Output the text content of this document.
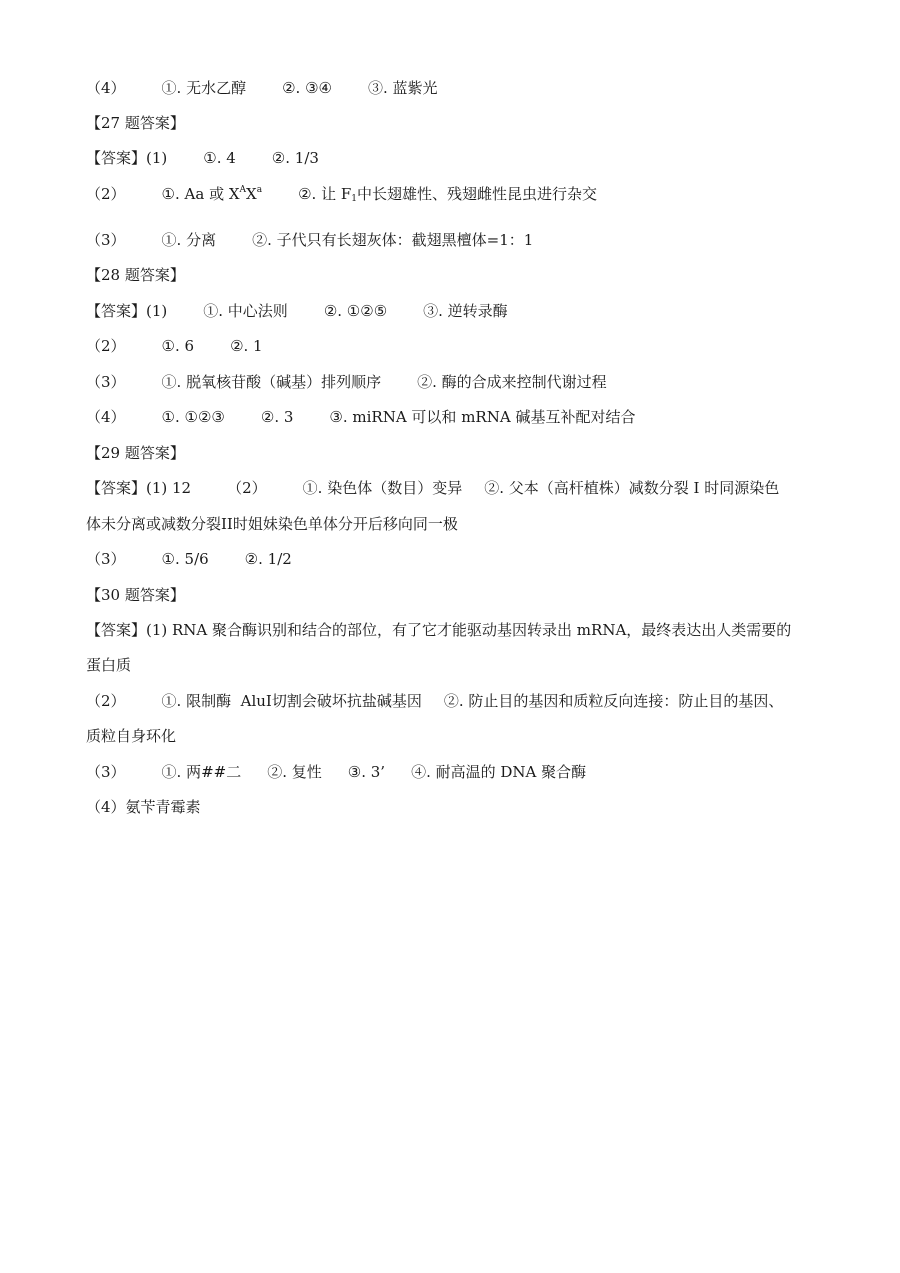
（4） ①. 无水乙醇 ②. ③④ ③. 蓝紫光
【27 题答案】
【答案】(1) ①. 4 ②. 1/3
（2） ①. Aa 或 $X^AX^a$ ②. 让 $F_1$中长翅雄性、残翅雌性昆虫进行杂交
（3） ①. 分离 ②. 子代只有长翅灰体：截翅黑檀体=1：1
【28 题答案】
【答案】(1) ①. 中心法则 ②. ①②⑤ ③. 逆转录酶
（2） ①. 6 ②. 1
（3） ①. 脱氧核苷酸（碱基）排列顺序 ②. 酶的合成来控制代谢过程
（4） ①. ①②③ ②. 3 ③. miRNA 可以和 mRNA 碱基互补配对结合
【29 题答案】
【答案】(1) 12 （2） ①. 染色体（数目）变异 ②. 父本（高杆植株）减数分裂 I 时同源染色
体未分离或减数分裂II时姐妹染色单体分开后移向同一极
（3） ①. 5/6 ②. 1/2
【30 题答案】
【答案】(1) RNA 聚合酶识别和结合的部位，有了它才能驱动基因转录出 mRNA，最终表达出人类需要的
蛋白质
（2） ①. 限制酶  AluI切割会破坏抗盐碱基因 ②. 防止目的基因和质粒反向连接：防止目的基因、
质粒自身环化
（3） ①. 两##二 ②. 复性 ③. 3’ ④. 耐高温的 DNA 聚合酶
（4）氨苄青霉素
